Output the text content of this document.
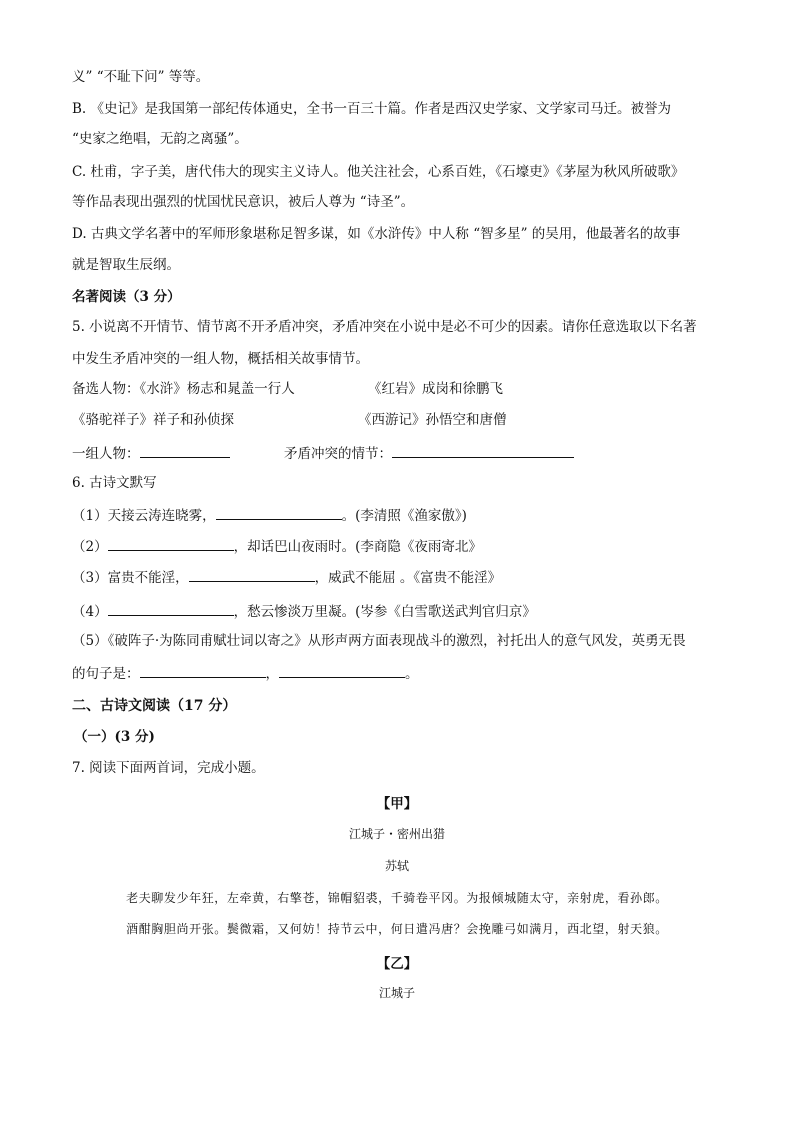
义” “不耻下问” 等等。
B. 《史记》是我国第一部纪传体通史，全书一百三十篇。作者是西汉史学家、文学家司马迁。被誉为
“史家之绝唱，无韵之离骚”。
C. 杜甫，字子美，唐代伟大的现实主义诗人。他关注社会，心系百姓，《石壕吏》《茅屋为秋风所破歌》
等作品表现出强烈的忧国忧民意识，被后人尊为 “诗圣”。
D. 古典文学名著中的军师形象堪称足智多谋，如《水浒传》中人称 “智多星” 的吴用，他最著名的故事
就是智取生辰纲。
名著阅读（3 分）
5. 小说离不开情节、情节离不开矛盾冲突，矛盾冲突在小说中是必不可少的因素。请你任意选取以下名著
中发生矛盾冲突的一组人物，概括相关故事情节。
备选人物：《水浒》杨志和晁盖一行人	《红岩》成岗和徐鹏飞
《骆驼祥子》祥子和孙侦探	《西游记》孙悟空和唐僧
一组人物：	矛盾冲突的情节：
6. 古诗文默写
（1）天接云涛连晓雾，	。(李清照《渔家傲》)
（2）	，却话巴山夜雨时。(李商隐《夜雨寄北》
（3）富贵不能淫，	，威武不能屈 。《富贵不能淫》
（4）	，愁云惨淡万里凝。(岑参《白雪歌送武判官归京》
（5）《破阵子·为陈同甫赋壮词以寄之》从形声两方面表现战斗的激烈，衬托出人的意气风发，英勇无畏
的句子是：	，	。
二、古诗文阅读（17 分）
（一）(3 分)
7. 阅读下面两首词，完成小题。
【甲】
江城子・密州出猎
苏轼
老夫聊发少年狂，左牵黄，右擎苍，锦帽貂裘，千骑卷平冈。为报倾城随太守，亲射虎，看孙郎。
酒酣胸胆尚开张。鬓微霜，又何妨！持节云中，何日遣冯唐？会挽雕弓如满月，西北望，射天狼。
【乙】
江城子
